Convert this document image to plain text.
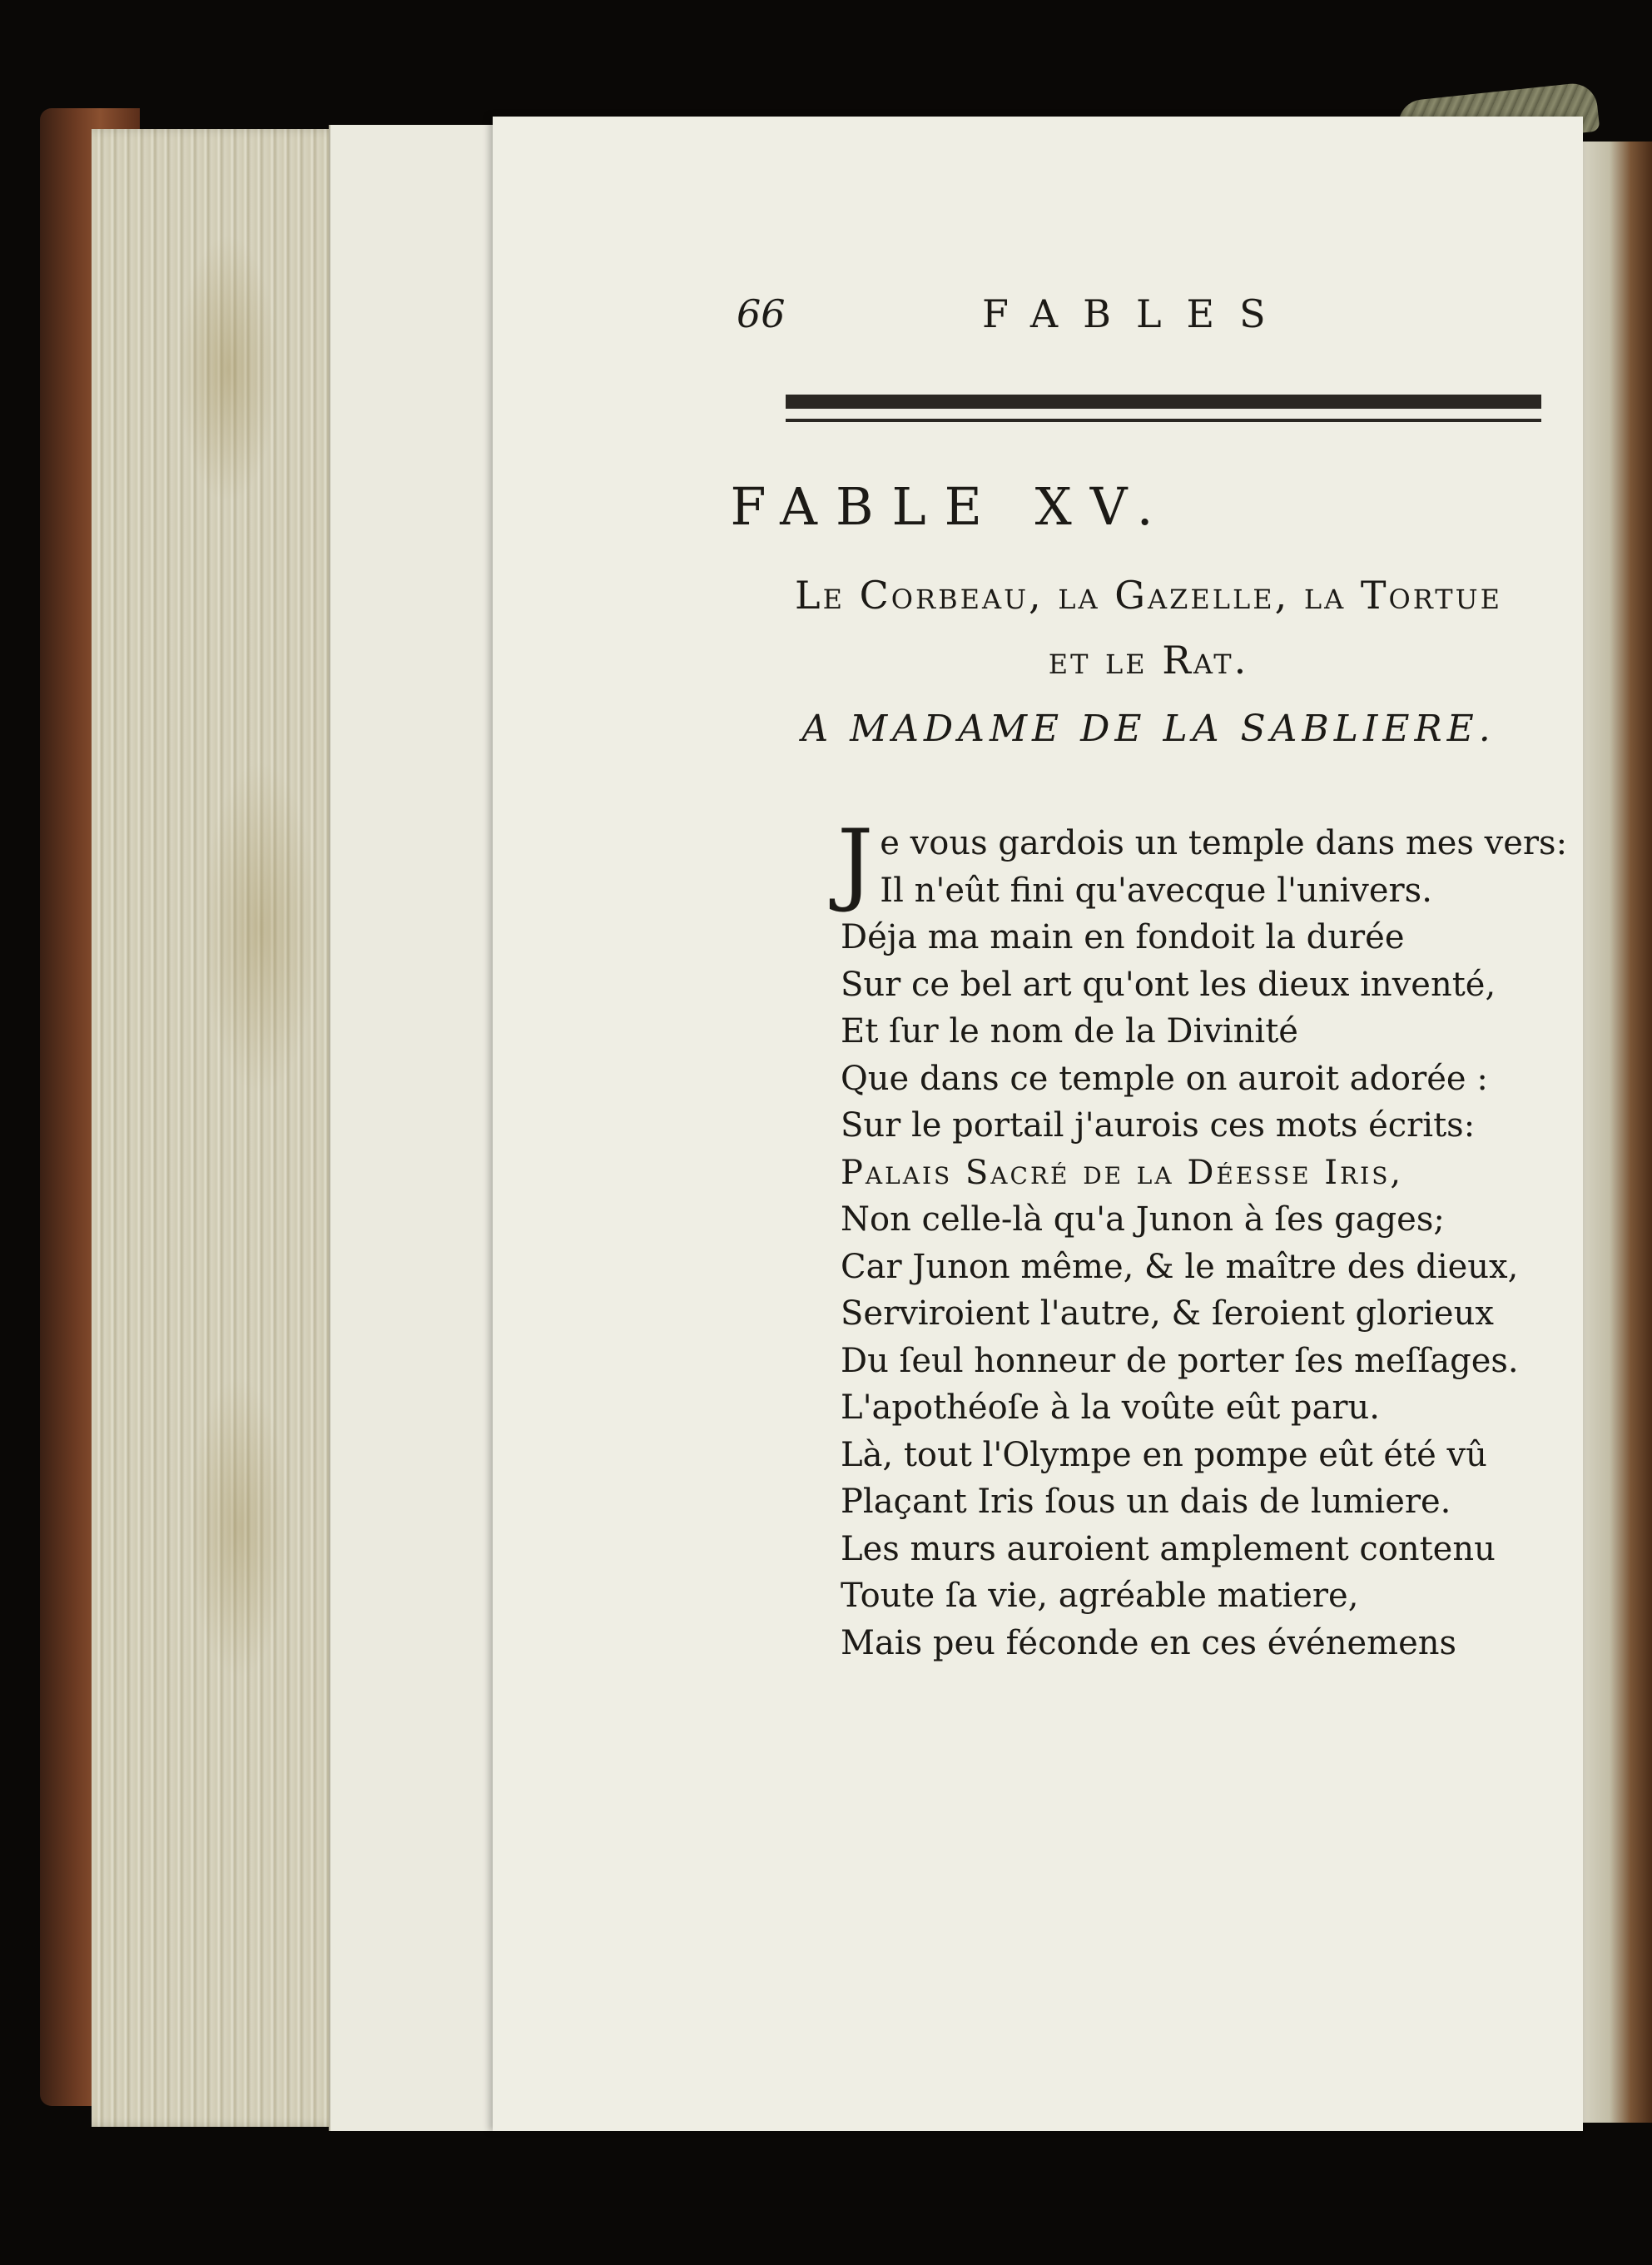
66	FABLES
FABLE XV.
Le Corbeau, la Gazelle, la Tortue
et le Rat.
A MADAME DE LA SABLIERE.
J e vous gardois un temple dans mes vers:
Il n'eût fini qu'avecque l'univers.
Déja ma main en fondoit la durée
Sur ce bel art qu'ont les dieux inventé,
Et ſur le nom de la Divinité
Que dans ce temple on auroit adorée :
Sur le portail j'aurois ces mots écrits:
Palais Sacré de la Déesse Iris,
Non celle-là qu'a Junon à ſes gages;
Car Junon même, & le maître des dieux,
Serviroient l'autre, & ſeroient glorieux
Du ſeul honneur de porter ſes meſſages.
L'apothéoſe à la voûte eût paru.
Là, tout l'Olympe en pompe eût été vû
Plaçant Iris ſous un dais de lumiere.
Les murs auroient amplement contenu
Toute ſa vie, agréable matiere,
Mais peu féconde en ces événemens
